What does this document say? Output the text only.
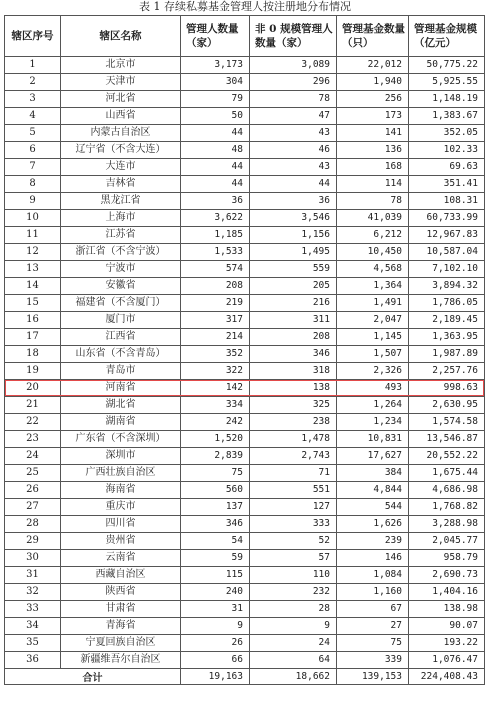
表 1 存续私募基金管理人按注册地分布情况
辖区序号	辖区名称	管理人数量（家）	非 0 规模管理人数量（家）	管理基金数量（只）	管理基金规模（亿元）
1	北京市	3,173	3,089	22,012	50,775.22
2	天津市	304	296	1,940	5,925.55
3	河北省	79	78	256	1,148.19
4	山西省	50	47	173	1,383.67
5	内蒙古自治区	44	43	141	352.05
6	辽宁省（不含大连）	48	46	136	102.33
7	大连市	44	43	168	69.63
8	吉林省	44	44	114	351.41
9	黑龙江省	36	36	78	108.31
10	上海市	3,622	3,546	41,039	60,733.99
11	江苏省	1,185	1,156	6,212	12,967.83
12	浙江省（不含宁波）	1,533	1,495	10,450	10,587.04
13	宁波市	574	559	4,568	7,102.10
14	安徽省	208	205	1,364	3,894.32
15	福建省（不含厦门）	219	216	1,491	1,786.05
16	厦门市	317	311	2,047	2,189.45
17	江西省	214	208	1,145	1,363.95
18	山东省（不含青岛）	352	346	1,507	1,987.89
19	青岛市	322	318	2,326	2,257.76
20	河南省	142	138	493	998.63
21	湖北省	334	325	1,264	2,630.95
22	湖南省	242	238	1,234	1,574.58
23	广东省（不含深圳）	1,520	1,478	10,831	13,546.87
24	深圳市	2,839	2,743	17,627	20,552.22
25	广西壮族自治区	75	71	384	1,675.44
26	海南省	560	551	4,844	4,686.98
27	重庆市	137	127	544	1,768.82
28	四川省	346	333	1,626	3,288.98
29	贵州省	54	52	239	2,045.77
30	云南省	59	57	146	958.79
31	西藏自治区	115	110	1,084	2,690.73
32	陕西省	240	232	1,160	1,404.16
33	甘肃省	31	28	67	138.98
34	青海省	9	9	27	90.07
35	宁夏回族自治区	26	24	75	193.22
36	新疆维吾尔自治区	66	64	339	1,076.47
合计		19,163	18,662	139,153	224,408.43
